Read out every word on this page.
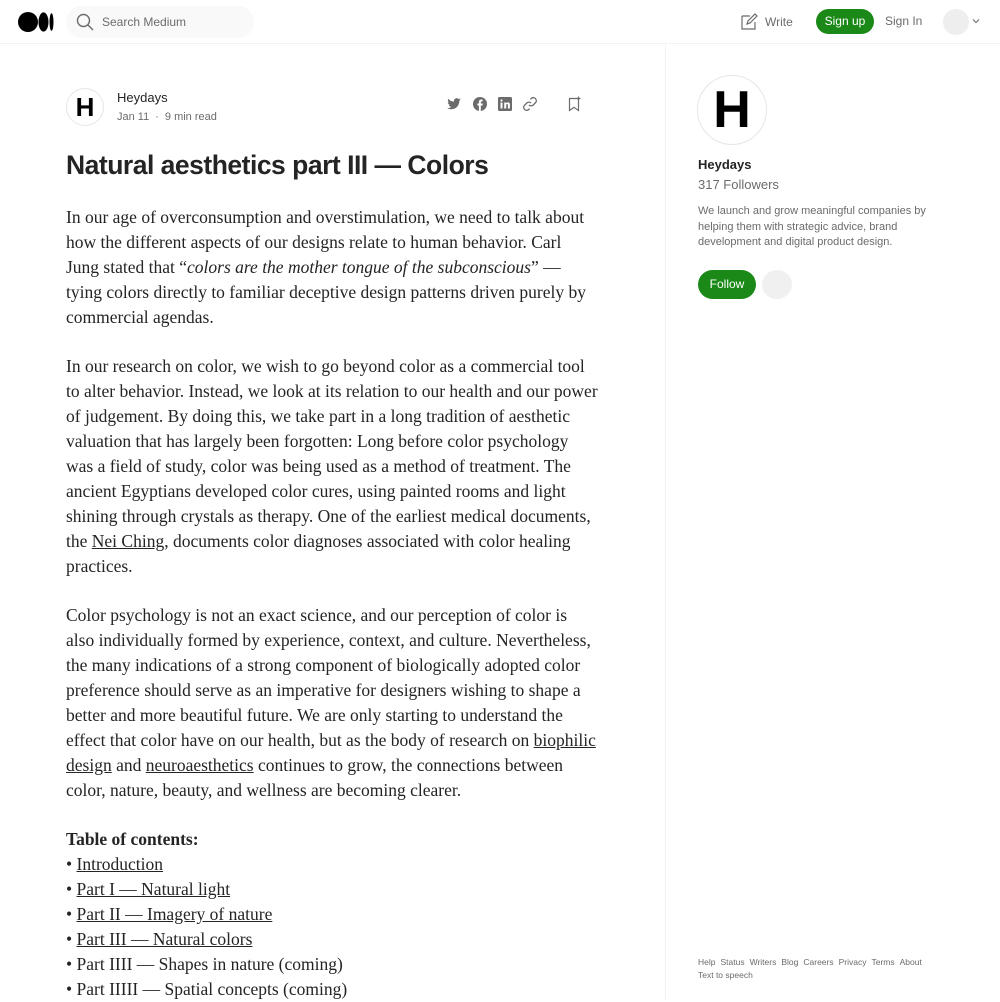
Search Medium
Write	Sign up	Sign In
H Heydays
Jan 11 · 9 min read
Natural aesthetics part III — Colors

In our age of overconsumption and overstimulation, we need to talk about how the different aspects of our designs relate to human behavior. Carl Jung stated that “colors are the mother tongue of the subconscious” — tying colors directly to familiar deceptive design patterns driven purely by commercial agendas.

In our research on color, we wish to go beyond color as a commercial tool to alter behavior. Instead, we look at its relation to our health and our power of judgement. By doing this, we take part in a long tradition of aesthetic valuation that has largely been forgotten: Long before color psychology was a field of study, color was being used as a method of treatment. The ancient Egyptians developed color cures, using painted rooms and light shining through crystals as therapy. One of the earliest medical documents, the Nei Ching, documents color diagnoses associated with color healing practices.

Color psychology is not an exact science, and our perception of color is also individually formed by experience, context, and culture. Nevertheless, the many indications of a strong component of biologically adopted color preference should serve as an imperative for designers wishing to shape a better and more beautiful future. We are only starting to understand the effect that color have on our health, but as the body of research on biophilic design and neuroaesthetics continues to grow, the connections between color, nature, beauty, and wellness are becoming clearer.

Table of contents:

• Introduction

• Part I — Natural light

• Part II — Imagery of nature

• Part III — Natural colors

• Part IIII — Shapes in nature (coming)

• Part IIIII — Spatial concepts (coming)

H
Heydays
317 Followers
We launch and grow meaningful companies by helping them with strategic advice, brand development and digital product design.
Follow
Help Status Writers Blog Careers Privacy Terms About
Text to speech
